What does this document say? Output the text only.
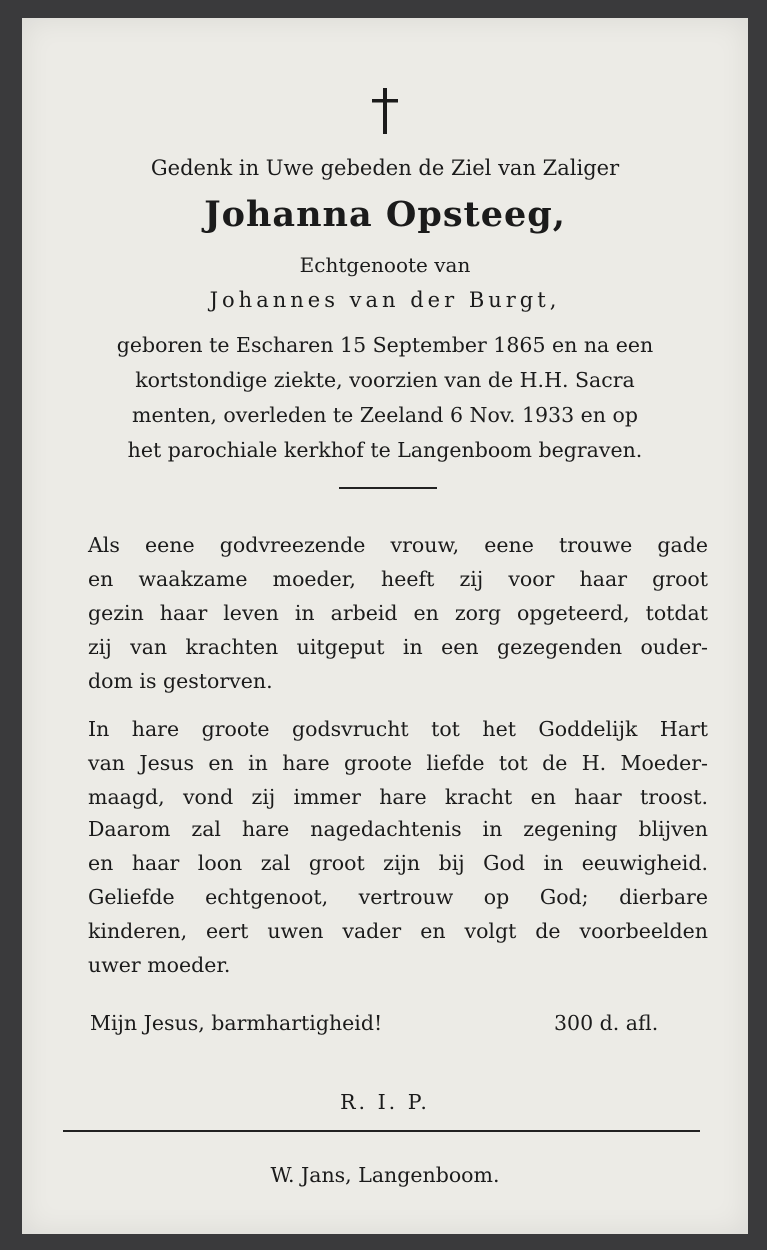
Gedenk in Uwe gebeden de Ziel van Zaliger
Johanna Opsteeg,
Echtgenoote van
Johannes van der Burgt,
geboren te Escharen 15 September 1865 en na een
kortstondige ziekte, voorzien van de H.H. Sacra
menten, overleden te Zeeland 6 Nov. 1933 en op
het parochiale kerkhof te Langenboom begraven.
Als eene godvreezende vrouw, eene trouwe gade
en waakzame moeder, heeft zij voor haar groot
gezin haar leven in arbeid en zorg opgeteerd, totdat
zij van krachten uitgeput in een gezegenden ouder-
dom is gestorven.
In hare groote godsvrucht tot het Goddelijk Hart
van Jesus en in hare groote liefde tot de H. Moeder-
maagd, vond zij immer hare kracht en haar troost.
Daarom zal hare nagedachtenis in zegening blijven
en haar loon zal groot zijn bij God in eeuwigheid.
Geliefde echtgenoot, vertrouw op God; dierbare
kinderen, eert uwen vader en volgt de voorbeelden
uwer moeder.
Mijn Jesus, barmhartigheid!	300 d. afl.
R. I. P.
W. Jans, Langenboom.
